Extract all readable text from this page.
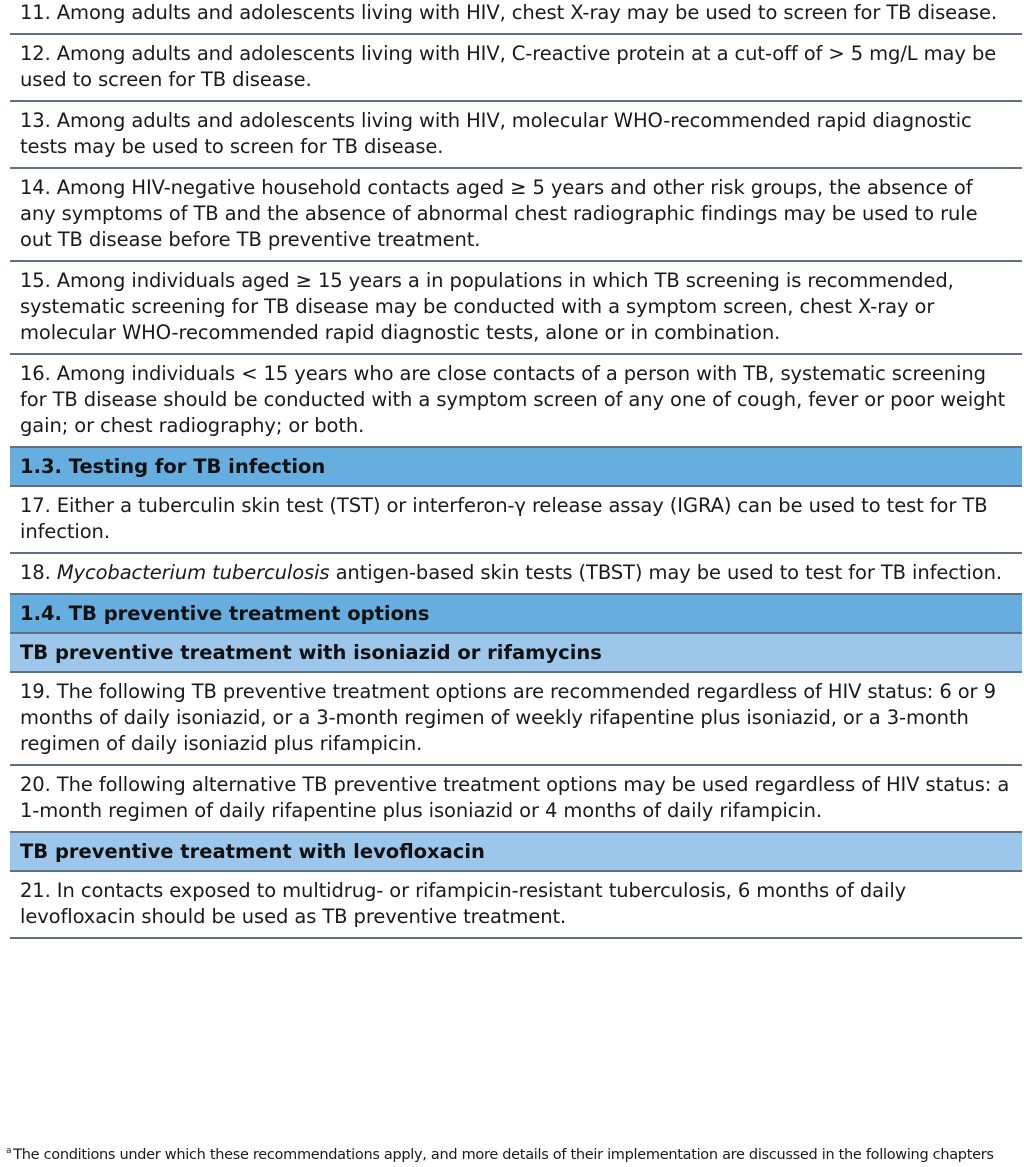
11. Among adults and adolescents living with HIV, chest X-ray may be used to screen for TB disease.
12. Among adults and adolescents living with HIV, C-reactive protein at a cut-off of > 5 mg/L may be used to screen for TB disease.
13. Among adults and adolescents living with HIV, molecular WHO-recommended rapid diagnostic tests may be used to screen for TB disease.
14. Among HIV-negative household contacts aged ≥ 5 years and other risk groups, the absence of any symptoms of TB and the absence of abnormal chest radiographic findings may be used to rule out TB disease before TB preventive treatment.
15. Among individuals aged ≥ 15 years a in populations in which TB screening is recommended, systematic screening for TB disease may be conducted with a symptom screen, chest X-ray or molecular WHO-recommended rapid diagnostic tests, alone or in combination.
16. Among individuals < 15 years who are close contacts of a person with TB, systematic screening for TB disease should be conducted with a symptom screen of any one of cough, fever or poor weight gain; or chest radiography; or both.
1.3. Testing for TB infection
17. Either a tuberculin skin test (TST) or interferon-γ release assay (IGRA) can be used to test for TB infection.
18. Mycobacterium tuberculosis antigen-based skin tests (TBST) may be used to test for TB infection.
1.4. TB preventive treatment options
TB preventive treatment with isoniazid or rifamycins
19. The following TB preventive treatment options are recommended regardless of HIV status: 6 or 9 months of daily isoniazid, or a 3-month regimen of weekly rifapentine plus isoniazid, or a 3-month regimen of daily isoniazid plus rifampicin.
20. The following alternative TB preventive treatment options may be used regardless of HIV status: a 1-month regimen of daily rifapentine plus isoniazid or 4 months of daily rifampicin.
TB preventive treatment with levofloxacin
21. In contacts exposed to multidrug- or rifampicin-resistant tuberculosis, 6 months of daily levofloxacin should be used as TB preventive treatment.
$^a$ The conditions under which these recommendations apply, and more details of their implementation are discussed in the following chapters
